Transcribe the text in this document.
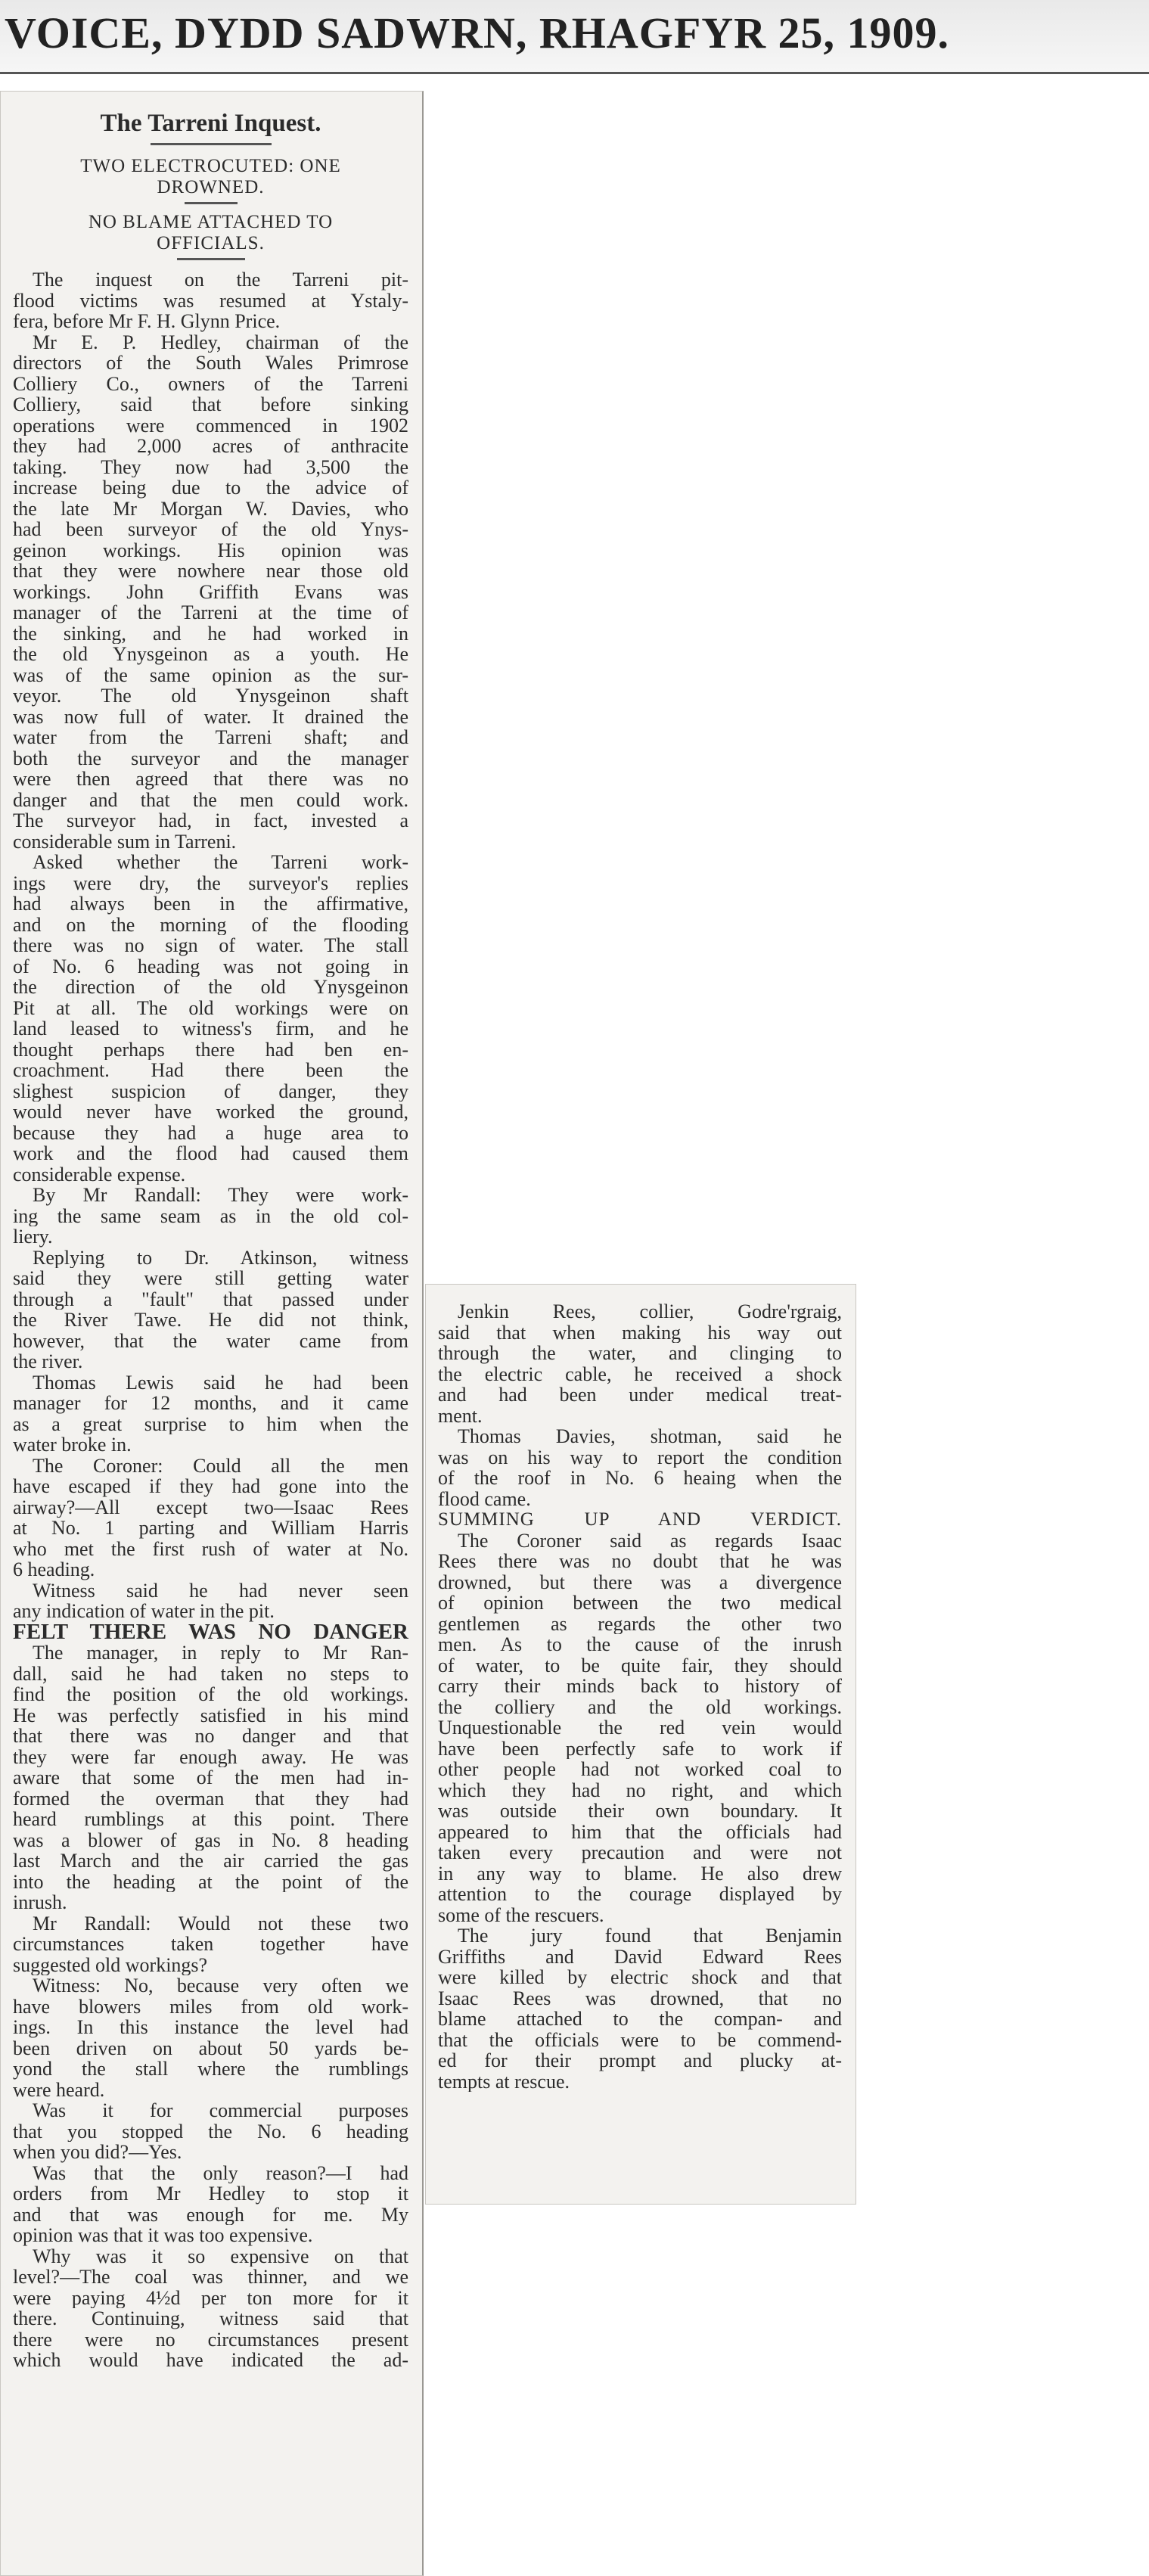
VOICE, DYDD SADWRN, RHAGFYR 25, 1909.
The Tarreni Inquest.
TWO ELECTROCUTED: ONE
DROWNED.
NO BLAME ATTACHED TO
OFFICIALS.
The inquest on the Tarreni pit-
flood victims was resumed at Ystaly-
fera, before Mr F. H. Glynn Price.
Mr E. P. Hedley, chairman of the
directors of the South Wales Primrose
Colliery Co., owners of the Tarreni
Colliery, said that before sinking
operations were commenced in 1902
they had 2,000 acres of anthracite
taking. They now had 3,500 the
increase being due to the advice of
the late Mr Morgan W. Davies, who
had been surveyor of the old Ynys-
geinon workings. His opinion was
that they were nowhere near those old
workings. John Griffith Evans was
manager of the Tarreni at the time of
the sinking, and he had worked in
the old Ynysgeinon as a youth. He
was of the same opinion as the sur-
veyor. The old Ynysgeinon shaft
was now full of water. It drained the
water from the Tarreni shaft; and
both the surveyor and the manager
were then agreed that there was no
danger and that the men could work.
The surveyor had, in fact, invested a
considerable sum in Tarreni.
Asked whether the Tarreni work-
ings were dry, the surveyor's replies
had always been in the affirmative,
and on the morning of the flooding
there was no sign of water. The stall
of No. 6 heading was not going in
the direction of the old Ynysgeinon
Pit at all. The old workings were on
land leased to witness's firm, and he
thought perhaps there had ben en-
croachment. Had there been the
slighest suspicion of danger, they
would never have worked the ground,
because they had a huge area to
work and the flood had caused them
considerable expense.
By Mr Randall: They were work-
ing the same seam as in the old col-
liery.
Replying to Dr. Atkinson, witness
said they were still getting water
through a "fault" that passed under
the River Tawe. He did not think,
however, that the water came from
the river.
Thomas Lewis said he had been
manager for 12 months, and it came
as a great surprise to him when the
water broke in.
The Coroner: Could all the men
have escaped if they had gone into the
airway?—All except two—Isaac Rees
at No. 1 parting and William Harris
who met the first rush of water at No.
6 heading.
Witness said he had never seen
any indication of water in the pit.
FELT THERE WAS NO DANGER
The manager, in reply to Mr Ran-
dall, said he had taken no steps to
find the position of the old workings.
He was perfectly satisfied in his mind
that there was no danger and that
they were far enough away. He was
aware that some of the men had in-
formed the overman that they had
heard rumblings at this point. There
was a blower of gas in No. 8 heading
last March and the air carried the gas
into the heading at the point of the
inrush.
Mr Randall: Would not these two
circumstances taken together have
suggested old workings?
Witness: No, because very often we
have blowers miles from old work-
ings. In this instance the level had
been driven on about 50 yards be-
yond the stall where the rumblings
were heard.
Was it for commercial purposes
that you stopped the No. 6 heading
when you did?—Yes.
Was that the only reason?—I had
orders from Mr Hedley to stop it
and that was enough for me. My
opinion was that it was too expensive.
Why was it so expensive on that
level?—The coal was thinner, and we
were paying 4½d per ton more for it
there. Continuing, witness said that
there were no circumstances present
which would have indicated the ad-
Jenkin Rees, collier, Godre'rgraig,
said that when making his way out
through the water, and clinging to
the electric cable, he received a shock
and had been under medical treat-
ment.
Thomas Davies, shotman, said he
was on his way to report the condition
of the roof in No. 6 heaing when the
flood came.
SUMMING UP AND VERDICT.
The Coroner said as regards Isaac
Rees there was no doubt that he was
drowned, but there was a divergence
of opinion between the two medical
gentlemen as regards the other two
men. As to the cause of the inrush
of water, to be quite fair, they should
carry their minds back to history of
the colliery and the old workings.
Unquestionable the red vein would
have been perfectly safe to work if
other people had not worked coal to
which they had no right, and which
was outside their own boundary. It
appeared to him that the officials had
taken every precaution and were not
in any way to blame. He also drew
attention to the courage displayed by
some of the rescuers.
The jury found that Benjamin
Griffiths and David Edward Rees
were killed by electric shock and that
Isaac Rees was drowned, that no
blame attached to the compan- and
that the officials were to be commend-
ed for their prompt and plucky at-
tempts at rescue.
